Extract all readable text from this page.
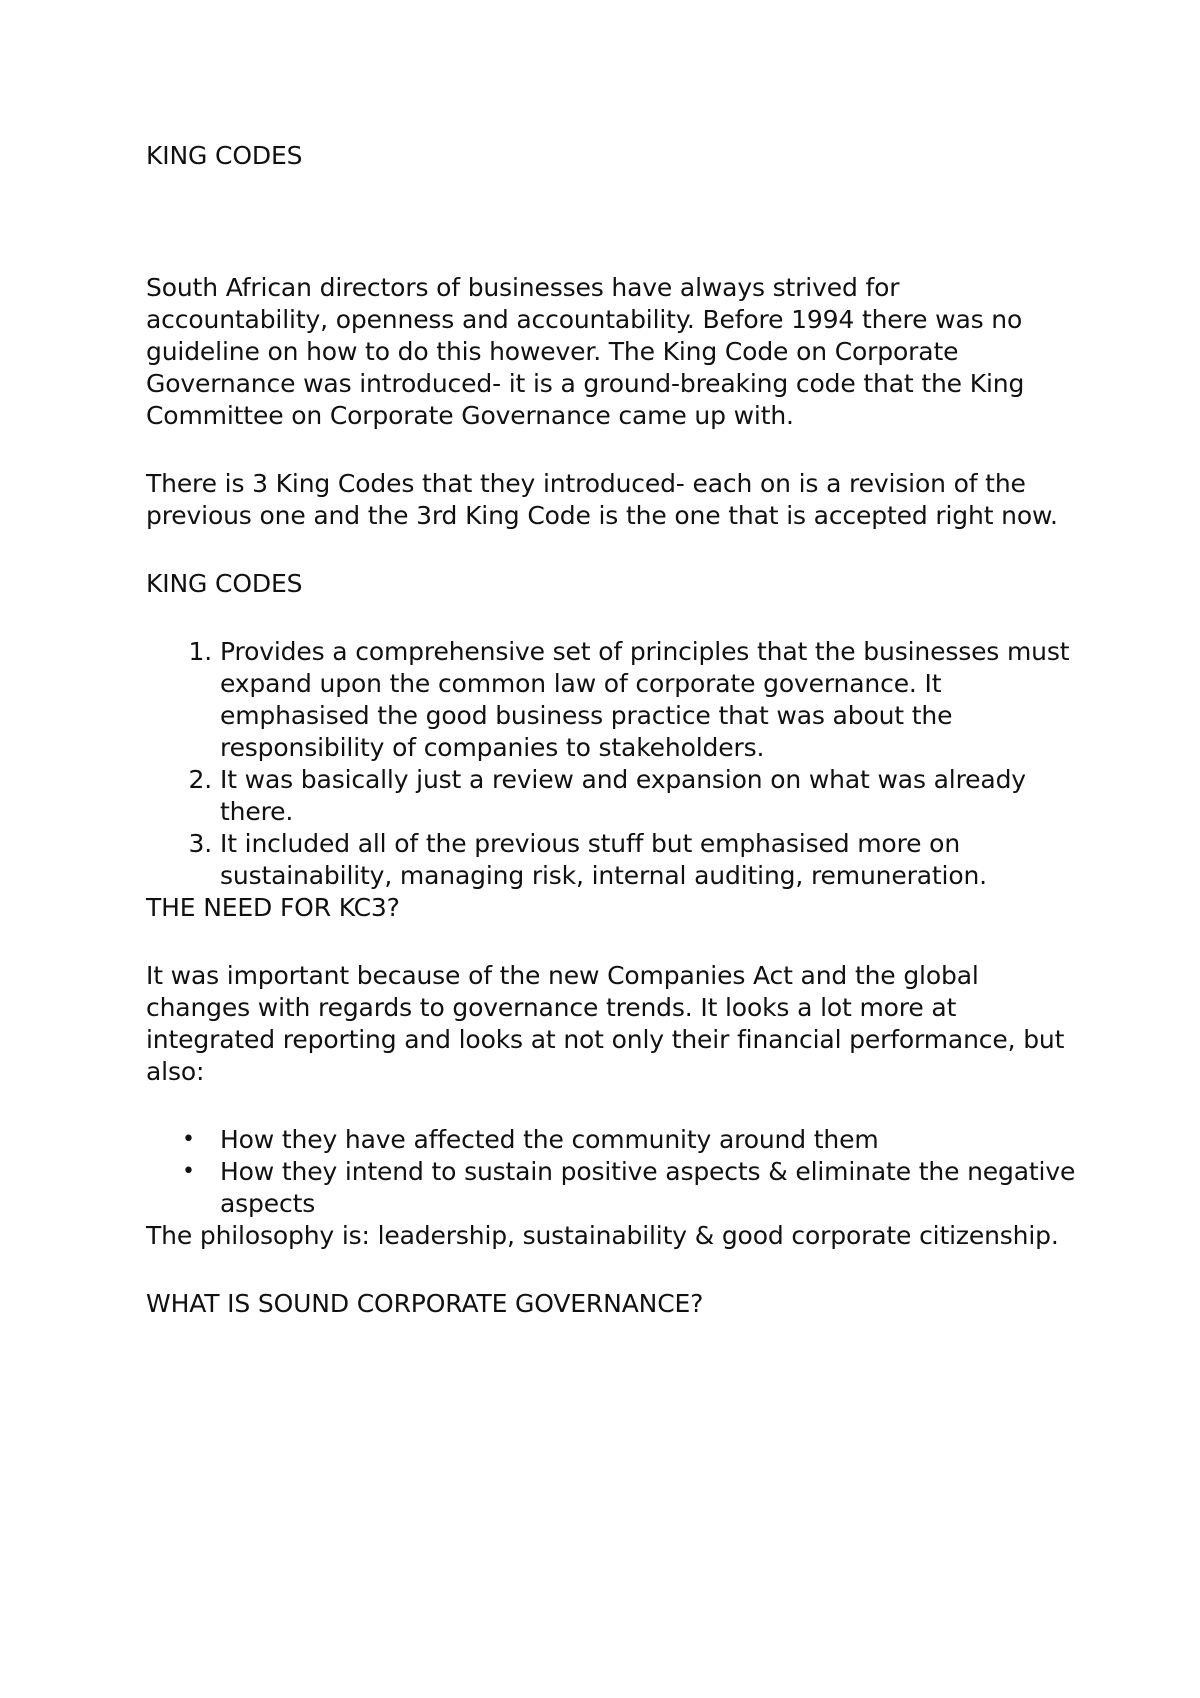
KING CODES

South African directors of businesses have always strived for accountability, openness and accountability. Before 1994 there was no guideline on how to do this however. The King Code on Corporate Governance was introduced- it is a ground-breaking code that the King Committee on Corporate Governance came up with.

There is 3 King Codes that they introduced- each on is a revision of the previous one and the 3rd King Code is the one that is accepted right now.

KING CODES

1. Provides a comprehensive set of principles that the businesses must expand upon the common law of corporate governance. It emphasised the good business practice that was about the responsibility of companies to stakeholders.
2. It was basically just a review and expansion on what was already there.
3. It included all of the previous stuff but emphasised more on sustainability, managing risk, internal auditing, remuneration.

THE NEED FOR KC3?

It was important because of the new Companies Act and the global changes with regards to governance trends. It looks a lot more at integrated reporting and looks at not only their financial performance, but also:

• How they have affected the community around them
• How they intend to sustain positive aspects & eliminate the negative aspects

The philosophy is: leadership, sustainability & good corporate citizenship.

WHAT IS SOUND CORPORATE GOVERNANCE?
